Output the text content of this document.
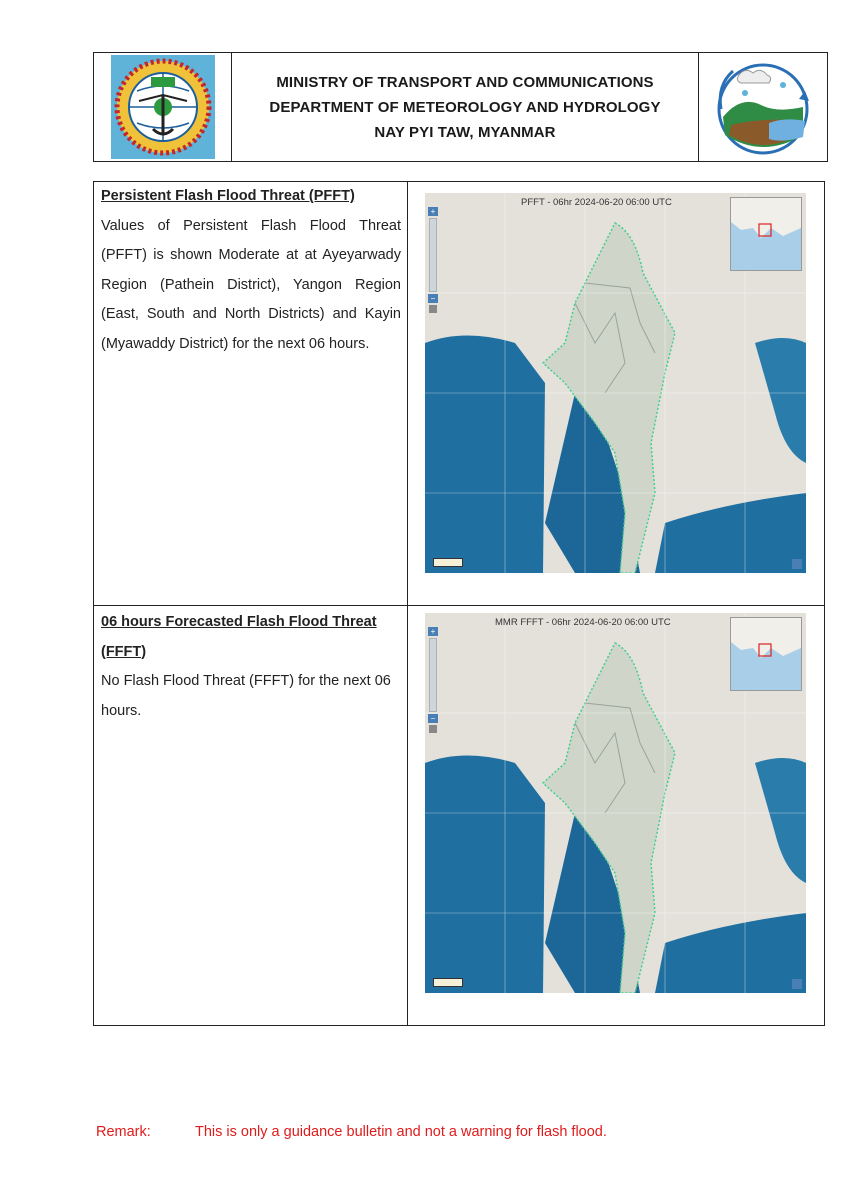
MINISTRY OF TRANSPORT AND COMMUNICATIONS
DEPARTMENT OF METEOROLOGY AND HYDROLOGY
NAY PYI TAW, MYANMAR
Persistent Flash Flood Threat (PFFT)
Values of Persistent Flash Flood Threat (PFFT) is shown Moderate at at Ayeyarwady Region (Pathein District), Yangon Region (East, South and North Districts) and Kayin (Myawaddy District) for the next 06 hours.
PFFT - 06hr 2024-06-20 06:00 UTC
+
−
06 hours Forecasted Flash Flood Threat (FFFT)
No Flash Flood Threat (FFFT) for the next 06 hours.
MMR FFFT - 06hr 2024-06-20 06:00 UTC
+
−
Remark:	This is only a guidance bulletin and not a warning for flash flood.
